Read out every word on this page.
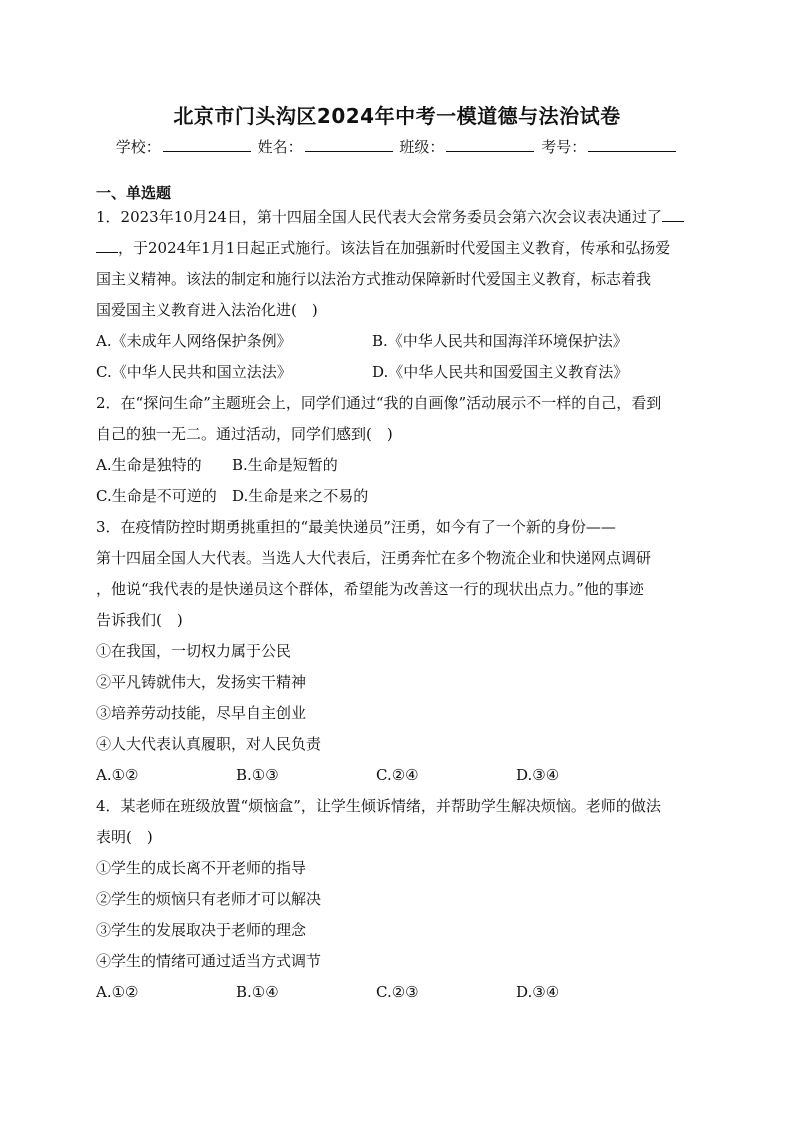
北京市门头沟区2024年中考一模道德与法治试卷
学校：	姓名：	班级：	考号：
一、单选题
1．2023年10月24日，第十四届全国人民代表大会常务委员会第六次会议表决通过了
，于2024年1月1日起正式施行。该法旨在加强新时代爱国主义教育，传承和弘扬爱
国主义精神。该法的制定和施行以法治方式推动保障新时代爱国主义教育，标志着我
国爱国主义教育进入法治化进(　)
A.《未成年人网络保护条例》	B.《中华人民共和国海洋环境保护法》
C.《中华人民共和国立法法》	D.《中华人民共和国爱国主义教育法》
2．在“探问生命”主题班会上，同学们通过“我的自画像”活动展示不一样的自己，看到
自己的独一无二。通过活动，同学们感到(　)
A.生命是独特的	B.生命是短暂的
C.生命是不可逆的	D.生命是来之不易的
3．在疫情防控时期勇挑重担的“最美快递员”汪勇，如今有了一个新的身份——
第十四届全国人大代表。当选人大代表后，汪勇奔忙在多个物流企业和快递网点调研
，他说“我代表的是快递员这个群体，希望能为改善这一行的现状出点力。”他的事迹
告诉我们(　)
①在我国，一切权力属于公民
②平凡铸就伟大，发扬实干精神
③培养劳动技能，尽早自主创业
④人大代表认真履职，对人民负责
A.①②	B.①③	C.②④	D.③④
4．某老师在班级放置“烦恼盒”，让学生倾诉情绪，并帮助学生解决烦恼。老师的做法
表明(　)
①学生的成长离不开老师的指导
②学生的烦恼只有老师才可以解决
③学生的发展取决于老师的理念
④学生的情绪可通过适当方式调节
A.①②	B.①④	C.②③	D.③④
